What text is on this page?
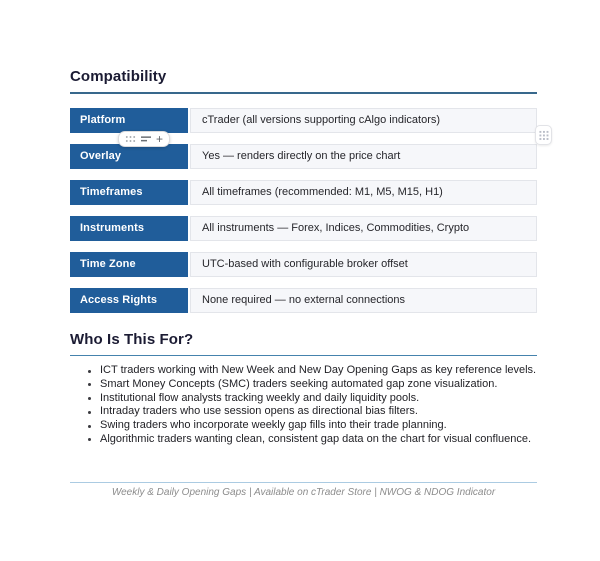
Compatibility
Platform	cTrader (all versions supporting cAlgo indicators)
Overlay	Yes — renders directly on the price chart
Timeframes	All timeframes (recommended: M1, M5, M15, H1)
Instruments	All instruments — Forex, Indices, Commodities, Crypto
Time Zone	UTC-based with configurable broker offset
Access Rights	None required — no external connections
Who Is This For?
ICT traders working with New Week and New Day Opening Gaps as key reference levels.
Smart Money Concepts (SMC) traders seeking automated gap zone visualization.
Institutional flow analysts tracking weekly and daily liquidity pools.
Intraday traders who use session opens as directional bias filters.
Swing traders who incorporate weekly gap fills into their trade planning.
Algorithmic traders wanting clean, consistent gap data on the chart for visual confluence.
Weekly & Daily Opening Gaps | Available on cTrader Store | NWOG & NDOG Indicator
+
